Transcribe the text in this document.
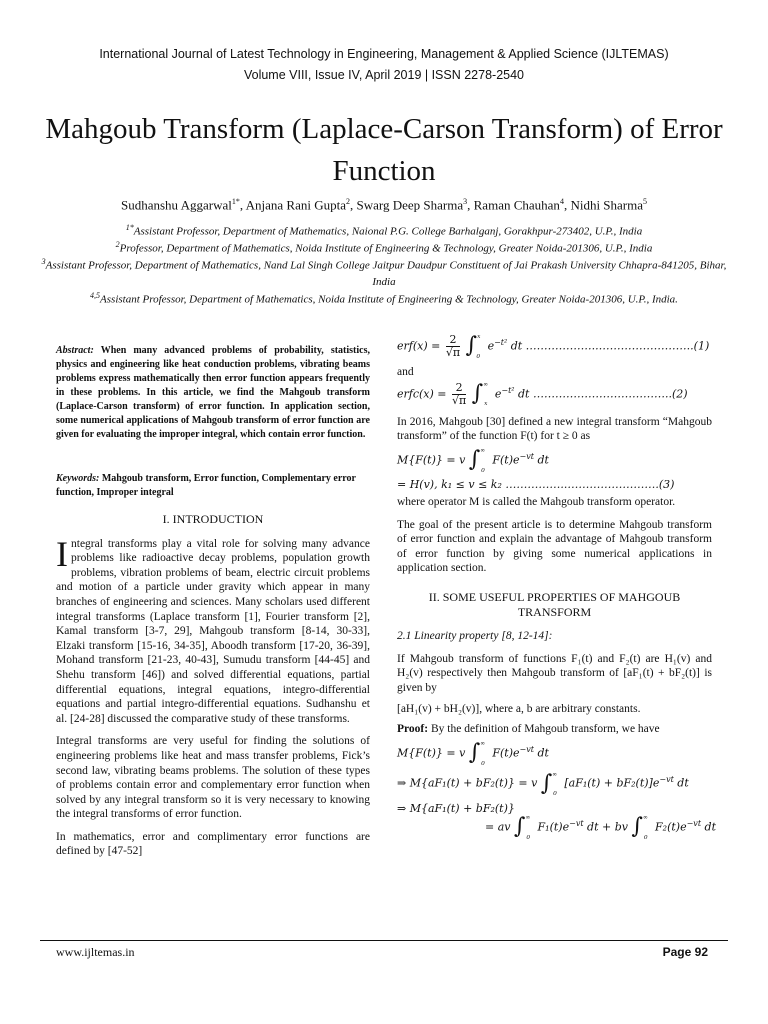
International Journal of Latest Technology in Engineering, Management & Applied Science (IJLTEMAS)
Volume VIII, Issue IV, April 2019 | ISSN 2278-2540
Mahgoub Transform (Laplace-Carson Transform) of Error Function
Sudhanshu Aggarwal$^{1*}$, Anjana Rani Gupta$^2$, Swarg Deep Sharma$^3$, Raman Chauhan$^4$, Nidhi Sharma$^5$
$^{1*}$Assistant Professor, Department of Mathematics, Naional P.G. College Barhalganj, Gorakhpur-273402, U.P., India
$^2$Professor, Department of Mathematics, Noida Institute of Engineering & Technology, Greater Noida-201306, U.P., India
$^3$Assistant Professor, Department of Mathematics, Nand Lal Singh College Jaitpur Daudpur Constituent of Jai Prakash University Chhapra-841205, Bihar, India
$^{4,5}$Assistant Professor, Department of Mathematics, Noida Institute of Engineering & Technology, Greater Noida-201306, U.P., India.
Abstract: When many advanced problems of probability, statistics, physics and engineering like heat conduction problems, vibrating beams problems express mathematically then error function appears frequently in these problems. In this article, we find the Mahgoub transform (Laplace-Carson transform) of error function. In application section, some numerical applications of Mahgoub transform of error function are given for evaluating the improper integral, which contain error function.
Keywords: Mahgoub transform, Error function, Complementary error function, Improper integral
I. INTRODUCTION
Integral transforms play a vital role for solving many advance problems like radioactive decay problems, population growth problems, vibration problems of beam, electric circuit problems and motion of a particle under gravity which appear in many branches of engineering and sciences. Many scholars used different integral transforms (Laplace transform [1], Fourier transform [2], Kamal transform [3-7, 29], Mahgoub transform [8-14, 30-33], Elzaki transform [15-16, 34-35], Aboodh transform [17-20, 36-39], Mohand transform [21-23, 40-43], Sumudu transform [44-45] and Shehu transform [46]) and solved differential equations, partial differential equations, integral equations, integro-differential equations and partial integro-differential equations. Sudhanshu et al. [24-28] discussed the comparative study of these transforms.
Integral transforms are very useful for finding the solutions of engineering problems like heat and mass transfer problems, Fick’s second law, vibrating beams problems. The solution of these types of problems contain error and complementary error function when solved by any integral transform so it is very necessary to knowing the integral transforms of error function.
In mathematics, error and complimentary error functions are defined by [47-52]
$erf(x) = \frac{2}{√\pi} \int^x_0$ $e^{-t^2}$ dt ………………..……………………..(1)
and
erfc(x) = $\frac{2}{√\pi} \int^\infty_x$ $e^{-t^2}$ dt ………………………………..(2)
In 2016, Mahgoub [30] defined a new integral transform “Mahgoub transform” of the function F(t) for t ≥ 0 as
M{F(t)} = v $\int^\infty_0$ $F(t)e^{-vt}$ dt
= H(v), k₁ ≤ v ≤ k₂ ……………..…………………….(3)
where operator M is called the Mahgoub transform operator.
The goal of the present article is to determine Mahgoub transform of error function and explain the advantage of Mahgoub transform of error function by giving some numerical applications in application section.
II. SOME USEFUL PROPERTIES OF MAHGOUB TRANSFORM
2.1 Linearity property [8, 12-14]:
If Mahgoub transform of functions F₁(t) and F₂(t) are H₁(v) and H₂(v) respectively then Mahgoub transform of [aF₁(t) + bF₂(t)] is given by
[aH₁(v) + bH₂(v)], where a, b are arbitrary constants.
Proof: By the definition of Mahgoub transform, we have
M{F(t)} = v $\int^\infty_0$ $F(t)e^{-vt}$ dt
⇒ M{aF₁(t) + bF₂(t)} = v $\int^\infty_0$ $[aF_1(t) + bF_2(t)]e^{-vt}$ dt
⇒ M{aF₁(t) + bF₂(t)}
= av $\int^\infty_0$ $F_1(t)e^{-vt}$ dt + bv $\int^\infty_0$ $F_2(t)e^{-vt}$ dt
www.ijltemas.in	Page 92
